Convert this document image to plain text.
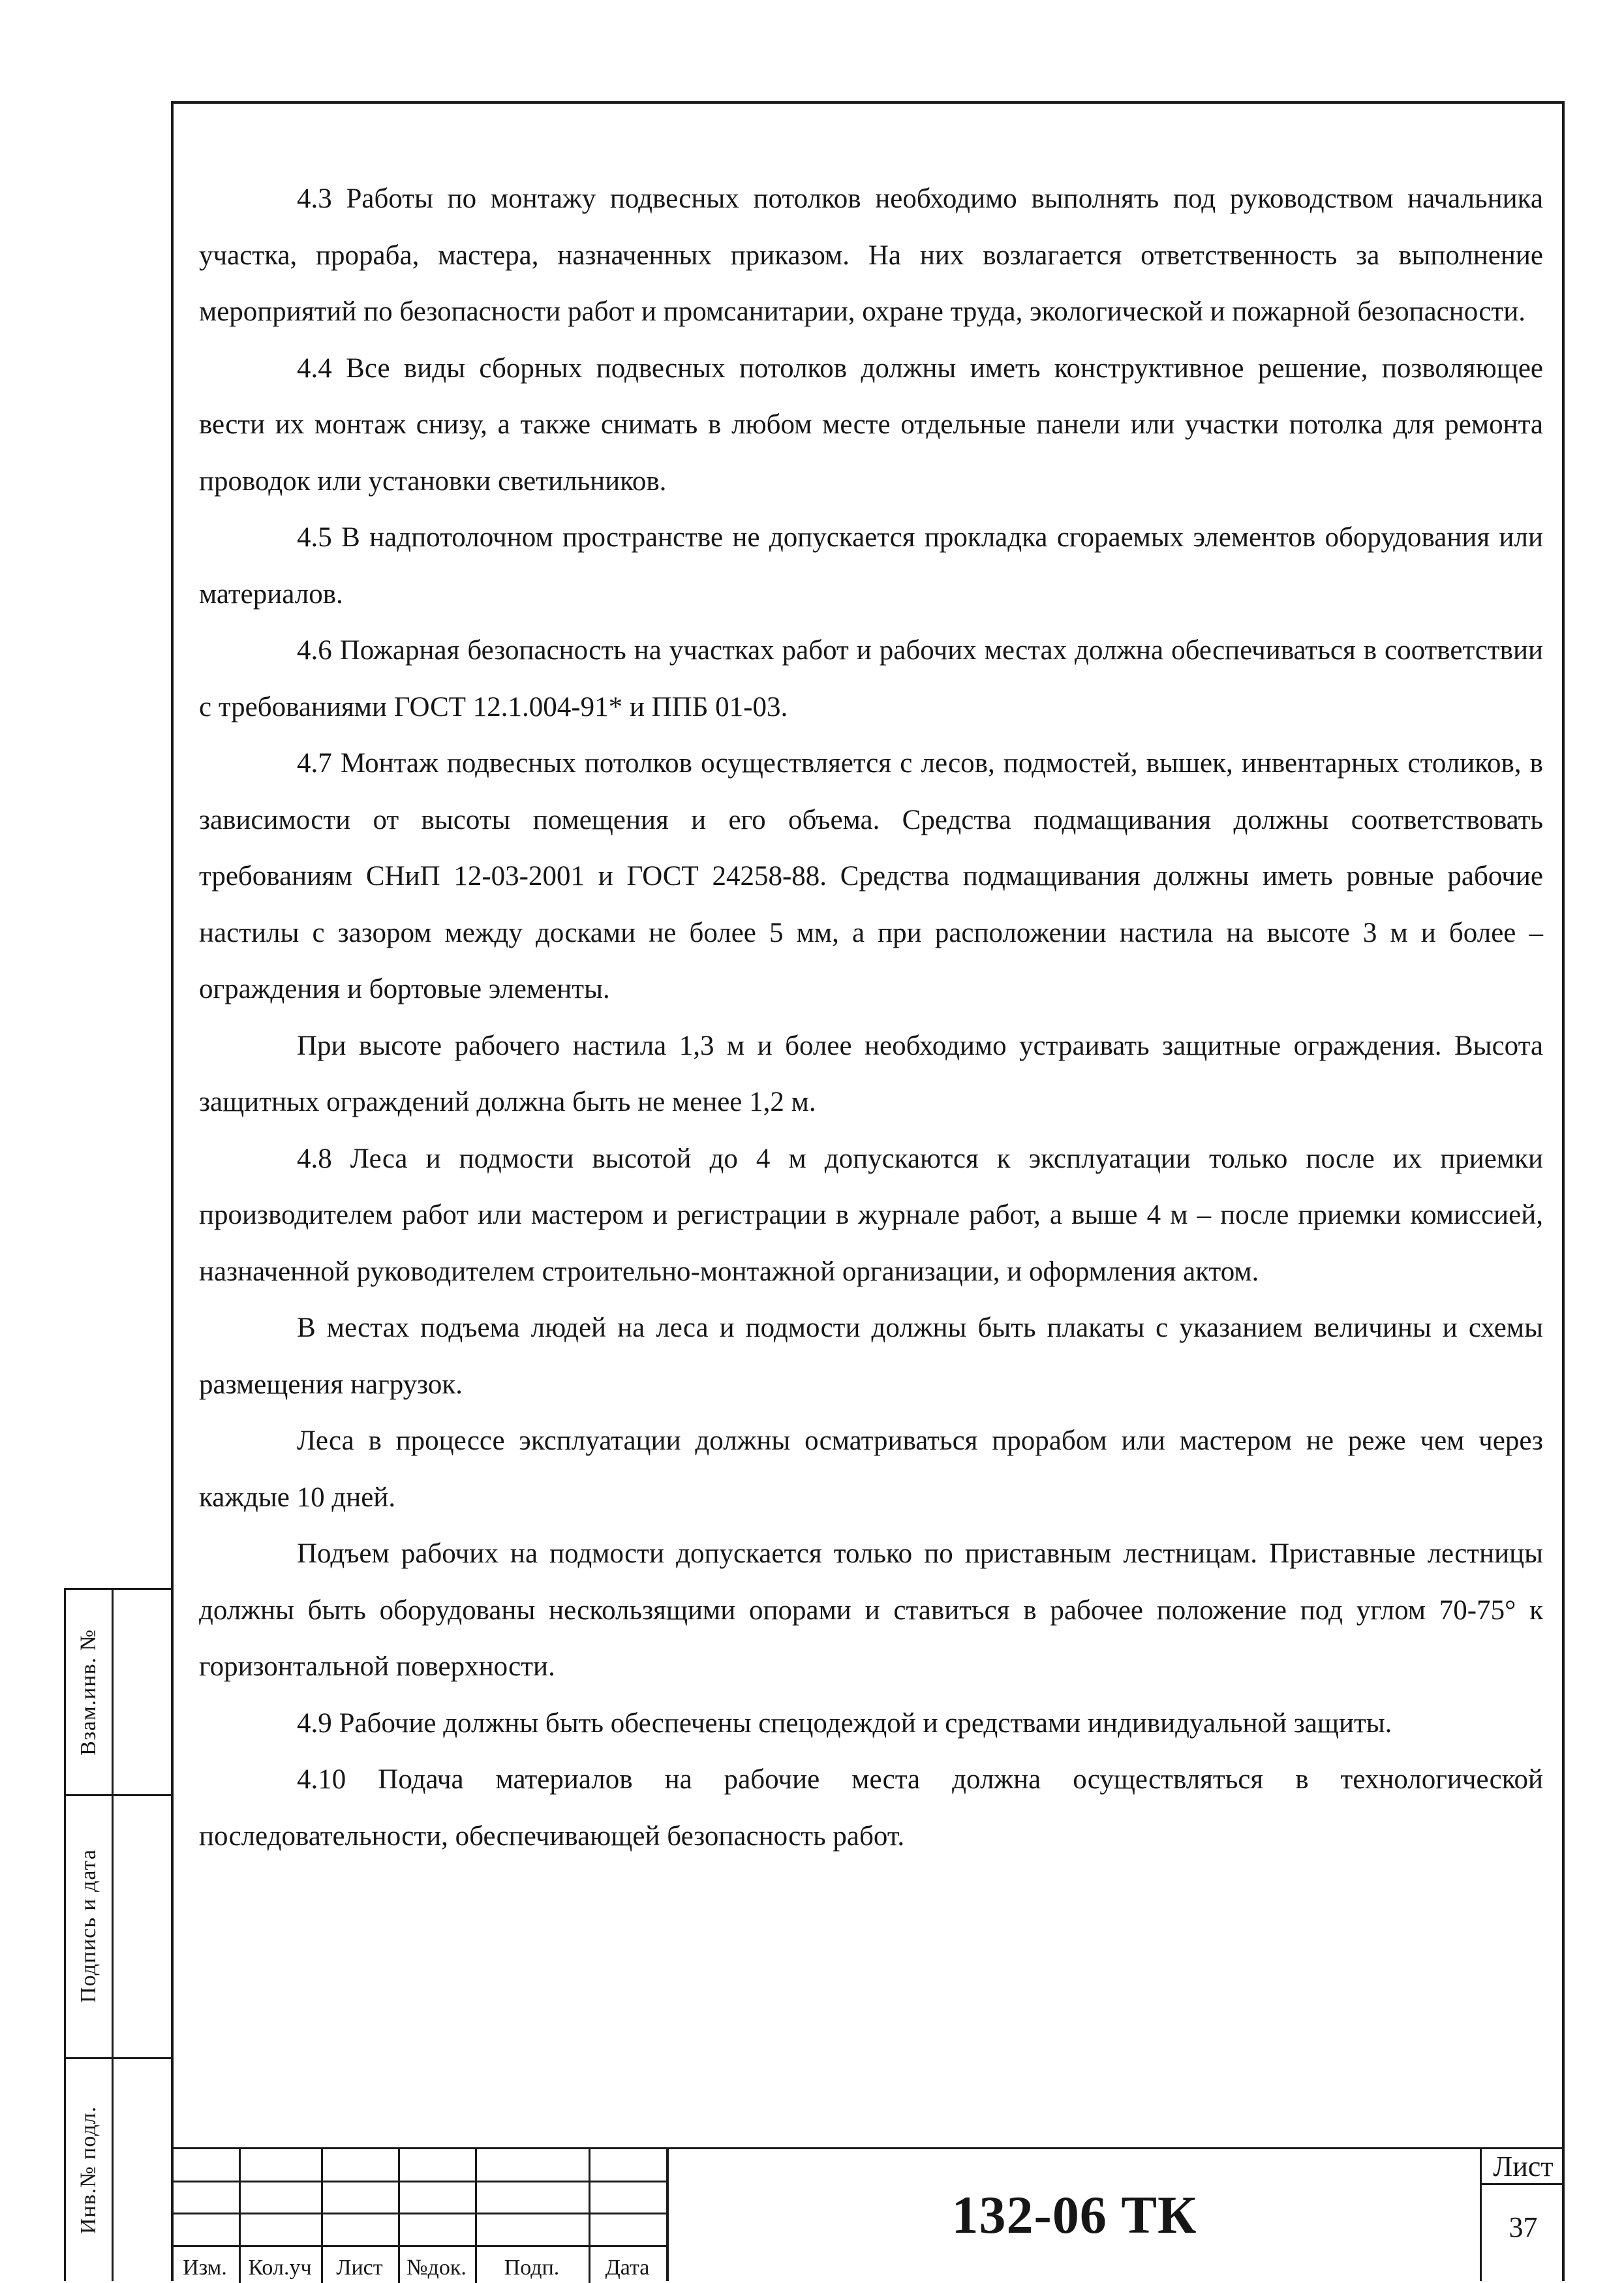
4.3 Работы по монтажу подвесных потолков необходимо выполнять под руководством начальника участка, прораба, мастера, назначенных приказом. На них возлагается ответственность за выполнение мероприятий по безопасности работ и промсанитарии, охране труда, экологической и пожарной безопасности.

4.4 Все виды сборных подвесных потолков должны иметь конструктивное решение, позволяющее вести их монтаж снизу, а также снимать в любом месте отдельные панели или участки потолка для ремонта проводок или установки светильников.

4.5 В надпотолочном пространстве не допускается прокладка сгораемых элементов оборудования или материалов.

4.6 Пожарная безопасность на участках работ и рабочих местах должна обеспечиваться в соответствии с требованиями ГОСТ 12.1.004-91* и ППБ 01-03.

4.7 Монтаж подвесных потолков осуществляется с лесов, подмостей, вышек, инвентарных столиков, в зависимости от высоты помещения и его объема. Средства подмащивания должны соответствовать требованиям СНиП 12-03-2001 и ГОСТ 24258-88. Средства подмащивания должны иметь ровные рабочие настилы с зазором между досками не более 5 мм, а при расположении настила на высоте 3 м и более – ограждения и бортовые элементы.

При высоте рабочего настила 1,3 м и более необходимо устраивать защитные ограждения. Высота защитных ограждений должна быть не менее 1,2 м.

4.8 Леса и подмости высотой до 4 м допускаются к эксплуатации только после их приемки производителем работ или мастером и регистрации в журнале работ, а выше 4 м – после приемки комиссией, назначенной руководителем строительно-монтажной организации, и оформления актом.

В местах подъема людей на леса и подмости должны быть плакаты с указанием величины и схемы размещения нагрузок.

Леса в процессе эксплуатации должны осматриваться прорабом или мастером не реже чем через каждые 10 дней.

Подъем рабочих на подмости допускается только по приставным лестницам. Приставные лестницы должны быть оборудованы нескользящими опорами и ставиться в рабочее положение под углом 70-75° к горизонтальной поверхности.

4.9 Рабочие должны быть обеспечены спецодеждой и средствами индивидуальной защиты.

4.10 Подача материалов на рабочие места должна осуществляться в технологической последовательности, обеспечивающей безопасность работ.

Взам.инв. №
Подпись и дата
Инв.№ подл.
Изм. Кол.уч	Лист	№док.	Подп.	Дата
132-06 ТК
Лист
37
